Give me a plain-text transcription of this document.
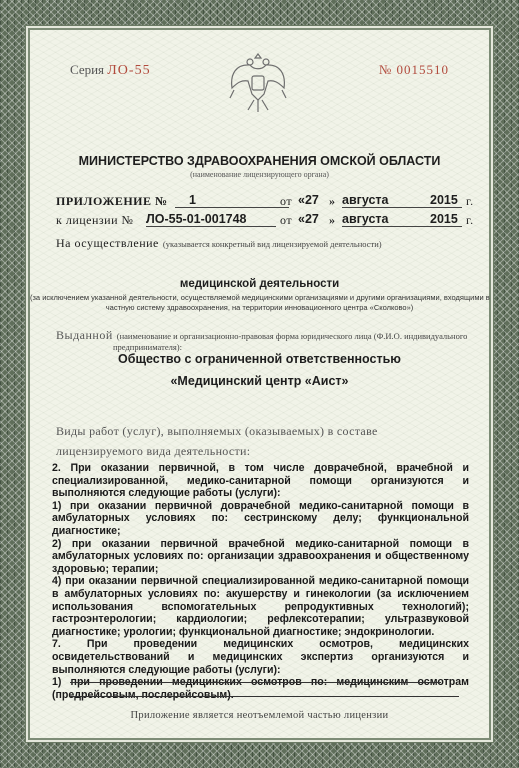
Серия ЛО-55	№ 0015510
МИНИСТЕРСТВО ЗДРАВООХРАНЕНИЯ ОМСКОЙ ОБЛАСТИ
(наименование лицензирующего органа)
ПРИЛОЖЕНИЕ №	1	от «27 » августа	2015 г.
к лицензии № ЛО-55-01-001748	от «27 » августа	2015 г.
На осуществление (указывается конкретный вид лицензируемой деятельности)
медицинской деятельности
(за исключением указанной деятельности, осуществляемой медицинскими организациями и другими организациями, входящими в
частную систему здравоохранения, на территории инновационного центра «Сколково»)
Выданной (наименование и организационно-правовая форма юридического лица (Ф.И.О. индивидуального
предпринимателя):
Общество с ограниченной ответственностью
«Медицинский центр «Аист»
Виды работ (услуг), выполняемых (оказываемых) в составе
лицензируемого вида деятельности:

2. При оказании первичной, в том числе доврачебной, врачебной и специализированной, медико-санитарной помощи организуются и выполняются следующие работы (услуги):

1) при оказании первичной доврачебной медико-санитарной помощи в амбулаторных условиях по: сестринскому делу; функциональной диагностике;

2) при оказании первичной врачебной медико-санитарной помощи в амбулаторных условиях по: организации здравоохранения и общественному здоровью; терапии;

4) при оказании первичной специализированной медико-санитарной помощи в амбулаторных условиях по: акушерству и гинекологии (за исключением использования вспомогательных репродуктивных технологий); гастроэнтерологии; кардиологии; рефлексотерапии; ультразвуковой диагностике; урологии; функциональной диагностике; эндокринологии.

7. При проведении медицинских осмотров, медицинских освидетельствований и медицинских экспертиз организуются и выполняются следующие работы (услуги):

1) при проведении медицинских осмотров по: медицинским осмотрам (предрейсовым, послерейсовым).

Приложение является неотъемлемой частью лицензии
